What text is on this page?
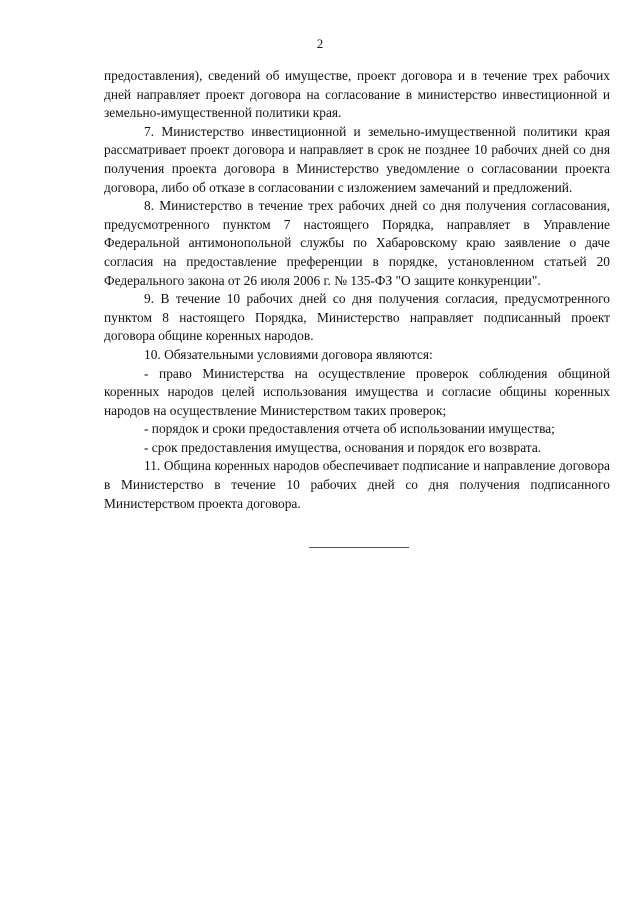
2

предоставления), сведений об имуществе, проект договора и в течение трех рабочих дней направляет проект договора на согласование в министерство инвестиционной и земельно-имущественной политики края.

7. Министерство инвестиционной и земельно-имущественной политики края рассматривает проект договора и направляет в срок не позднее 10 рабочих дней со дня получения проекта договора в Министерство уведомление о согласовании проекта договора, либо об отказе в согласовании с изложением замечаний и предложений.

8. Министерство в течение трех рабочих дней со дня получения согласования, предусмотренного пунктом 7 настоящего Порядка, направляет в Управление Федеральной антимонопольной службы по Хабаровскому краю заявление о даче согласия на предоставление преференции в порядке, установленном статьей 20 Федерального закона от 26 июля 2006 г. № 135-ФЗ "О защите конкуренции".

9. В течение 10 рабочих дней со дня получения согласия, предусмотренного пунктом 8 настоящего Порядка, Министерство направляет подписанный проект договора общине коренных народов.

10. Обязательными условиями договора являются:

- право Министерства на осуществление проверок соблюдения общиной коренных народов целей использования имущества и согласие общины коренных народов на осуществление Министерством таких проверок;

- порядок и сроки предоставления отчета об использовании имущества;

- срок предоставления имущества, основания и порядок его возврата.

11. Община коренных народов обеспечивает подписание и направление договора в Министерство в течение 10 рабочих дней со дня получения подписанного Министерством проекта договора.
